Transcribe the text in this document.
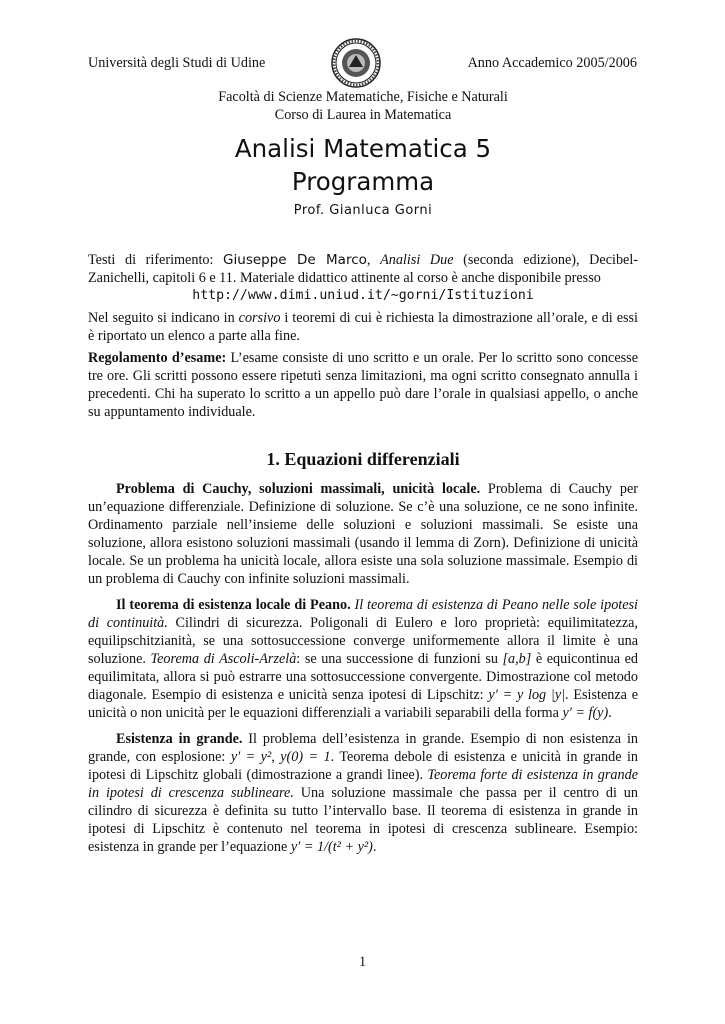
Università degli Studi di Udine	Anno Accademico 2005/2006
Facoltà di Scienze Matematiche, Fisiche e Naturali
Corso di Laurea in Matematica
Analisi Matematica 5
Programma
Prof. Gianluca Gorni

Testi di riferimento: Giuseppe De Marco, Analisi Due (seconda edizione), Decibel-Zanichelli, capitoli 6 e 11. Materiale didattico attinente al corso è anche disponibile presso

http://www.dimi.uniud.it/~gorni/Istituzioni

Nel seguito si indicano in corsivo i teoremi di cui è richiesta la dimostrazione all’orale, e di essi è riportato un elenco a parte alla fine.

Regolamento d’esame: L’esame consiste di uno scritto e un orale. Per lo scritto sono concesse tre ore. Gli scritti possono essere ripetuti senza limitazioni, ma ogni scritto consegnato annulla i precedenti. Chi ha superato lo scritto a un appello può dare l’orale in qualsiasi appello, o anche su appuntamento individuale.

1. Equazioni differenziali

Problema di Cauchy, soluzioni massimali, unicità locale. Problema di Cauchy per un’equazione differenziale. Definizione di soluzione. Se c’è una soluzione, ce ne sono infinite. Ordinamento parziale nell’insieme delle soluzioni e soluzioni massimali. Se esiste una soluzione, allora esistono soluzioni massimali (usando il lemma di Zorn). Definizione di unicità locale. Se un problema ha unicità locale, allora esiste una sola soluzione massimale. Esempio di un problema di Cauchy con infinite soluzioni massimali.

Il teorema di esistenza locale di Peano. Il teorema di esistenza di Peano nelle sole ipotesi di continuità. Cilindri di sicurezza. Poligonali di Eulero e loro proprietà: equilimitatezza, equilipschitzianità, se una sottosuccessione converge uniformemente allora il limite è una soluzione. Teorema di Ascoli-Arzelà: se una successione di funzioni su [a,b] è equicontinua ed equilimitata, allora si può estrarre una sottosuccessione convergente. Dimostrazione col metodo diagonale. Esempio di esistenza e unicità senza ipotesi di Lipschitz: y′ = y log |y|. Esistenza e unicità o non unicità per le equazioni differenziali a variabili separabili della forma y′ = f(y).

Esistenza in grande. Il problema dell’esistenza in grande. Esempio di non esistenza in grande, con esplosione: y′ = y², y(0) = 1. Teorema debole di esistenza e unicità in grande in ipotesi di Lipschitz globali (dimostrazione a grandi linee). Teorema forte di esistenza in grande in ipotesi di crescenza sublineare. Una soluzione massimale che passa per il centro di un cilindro di sicurezza è definita su tutto l’intervallo base. Il teorema di esistenza in grande in ipotesi di Lipschitz è contenuto nel teorema in ipotesi di crescenza sublineare. Esempio: esistenza in grande per l’equazione y′ = 1/(t² + y²).

1
